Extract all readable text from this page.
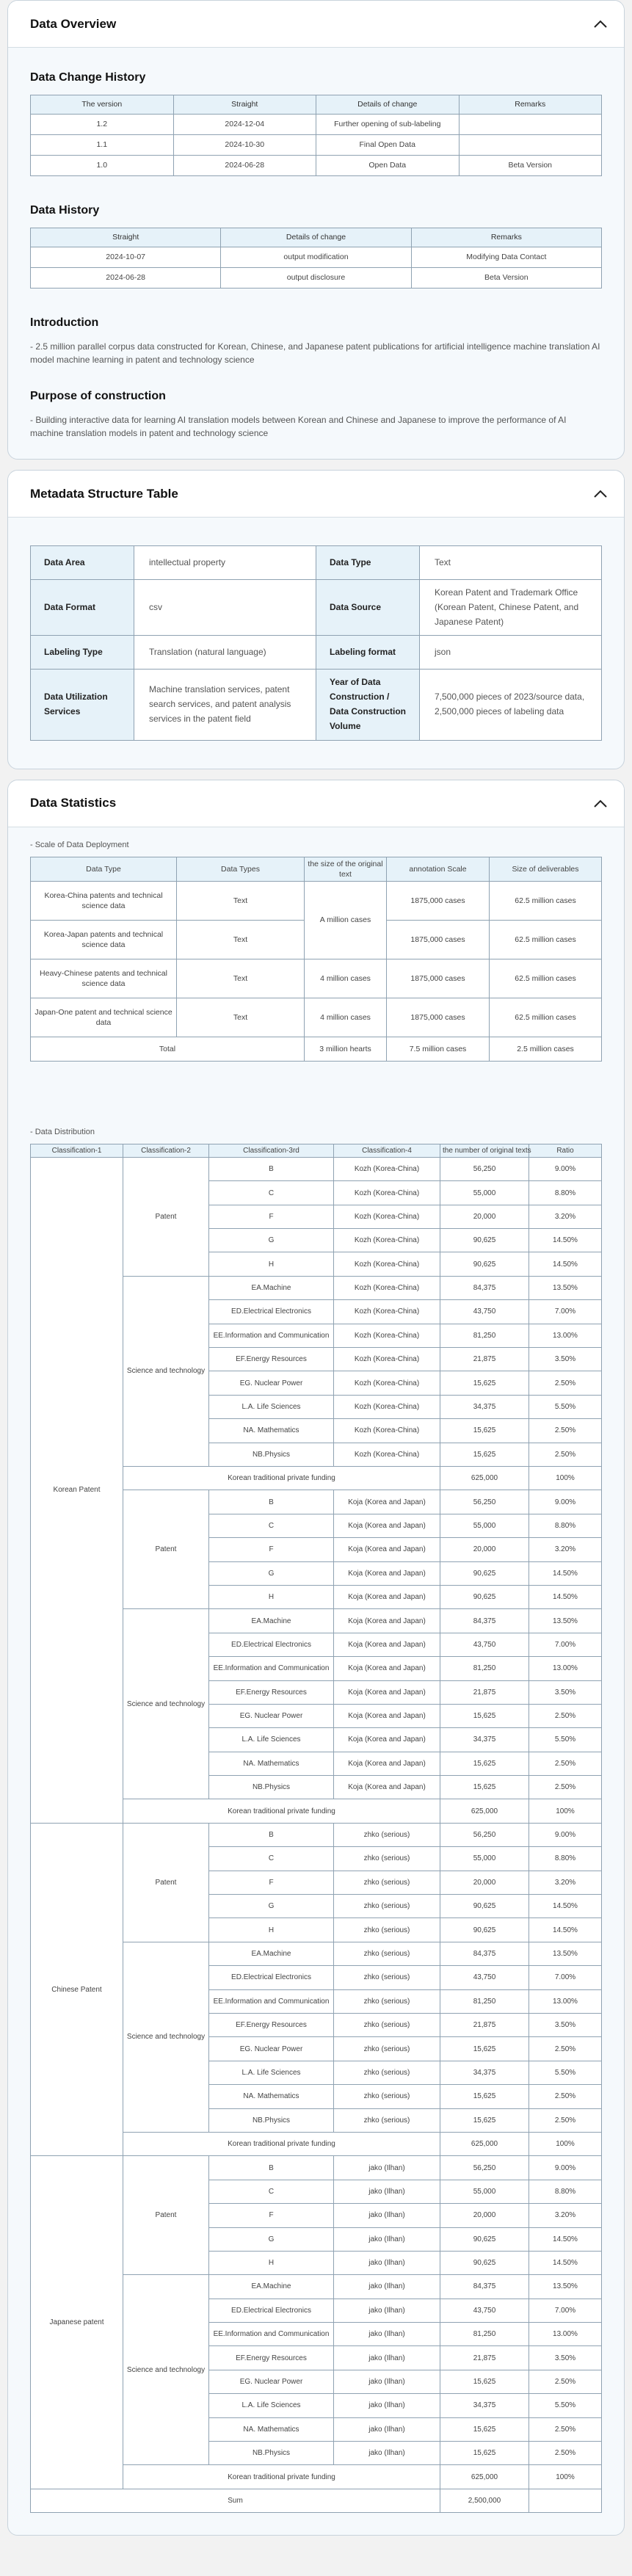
Data Overview
Data Change History
The version	Straight	Details of change	Remarks
1.2	2024-12-04	Further opening of sub-labeling	
1.1	2024-10-30	Final Open Data	
1.0	2024-06-28	Open Data	Beta Version
Data History
Straight	Details of change	Remarks
2024-10-07	output modification	Modifying Data Contact
2024-06-28	output disclosure	Beta Version
Introduction

- 2.5 million parallel corpus data constructed for Korean, Chinese, and Japanese patent publications for artificial intelligence machine translation AI model machine learning in patent and technology science

Purpose of construction

- Building interactive data for learning AI translation models between Korean and Chinese and Japanese to improve the performance of AI machine translation models in patent and technology science

Metadata Structure Table
Data Area	intellectual property	Data Type	Text
Data Format	csv	Data Source	Korean Patent and Trademark Office (Korean Patent, Chinese Patent, and Japanese Patent)
Labeling Type	Translation (natural language)	Labeling format	json
Data Utilization Services	Machine translation services, patent search services, and patent analysis services in the patent field	Year of Data Construction / Data Construction Volume	7,500,000 pieces of 2023/source data, 2,500,000 pieces of labeling data
Data Statistics
- Scale of Data Deployment
Data Type	Data Types	the size of the original text	annotation Scale	Size of deliverables
Korea-China patents and technical science data	Text	A million cases	1875,000 cases	62.5 million cases
Korea-Japan patents and technical science data	Text		1875,000 cases	62.5 million cases
Heavy-Chinese patents and technical science data	Text	4 million cases	1875,000 cases	62.5 million cases
Japan-One patent and technical science data	Text	4 million cases	1875,000 cases	62.5 million cases
Total		3 million hearts	7.5 million cases	2.5 million cases
- Data Distribution
Classification-1	Classification-2	Classification-3rd	Classification-4	the number of original texts	Ratio
Korean Patent	Patent	B	Kozh (Korea-China)	56,250	9.00%
		C	Kozh (Korea-China)	55,000	8.80%
		F	Kozh (Korea-China)	20,000	3.20%
		G	Kozh (Korea-China)	90,625	14.50%
		H	Kozh (Korea-China)	90,625	14.50%
	Science and technology	EA.Machine	Kozh (Korea-China)	84,375	13.50%
		ED.Electrical Electronics	Kozh (Korea-China)	43,750	7.00%
		EE.Information and Communication	Kozh (Korea-China)	81,250	13.00%
		EF.Energy Resources	Kozh (Korea-China)	21,875	3.50%
		EG. Nuclear Power	Kozh (Korea-China)	15,625	2.50%
		L.A. Life Sciences	Kozh (Korea-China)	34,375	5.50%
		NA. Mathematics	Kozh (Korea-China)	15,625	2.50%
		NB.Physics	Kozh (Korea-China)	15,625	2.50%
	Korean traditional private funding			625,000	100%
	Patent	B	Koja (Korea and Japan)	56,250	9.00%
		C	Koja (Korea and Japan)	55,000	8.80%
		F	Koja (Korea and Japan)	20,000	3.20%
		G	Koja (Korea and Japan)	90,625	14.50%
		H	Koja (Korea and Japan)	90,625	14.50%
	Science and technology	EA.Machine	Koja (Korea and Japan)	84,375	13.50%
		ED.Electrical Electronics	Koja (Korea and Japan)	43,750	7.00%
		EE.Information and Communication	Koja (Korea and Japan)	81,250	13.00%
		EF.Energy Resources	Koja (Korea and Japan)	21,875	3.50%
		EG. Nuclear Power	Koja (Korea and Japan)	15,625	2.50%
		L.A. Life Sciences	Koja (Korea and Japan)	34,375	5.50%
		NA. Mathematics	Koja (Korea and Japan)	15,625	2.50%
		NB.Physics	Koja (Korea and Japan)	15,625	2.50%
	Korean traditional private funding			625,000	100%
Chinese Patent	Patent	B	zhko (serious)	56,250	9.00%
		C	zhko (serious)	55,000	8.80%
		F	zhko (serious)	20,000	3.20%
		G	zhko (serious)	90,625	14.50%
		H	zhko (serious)	90,625	14.50%
	Science and technology	EA.Machine	zhko (serious)	84,375	13.50%
		ED.Electrical Electronics	zhko (serious)	43,750	7.00%
		EE.Information and Communication	zhko (serious)	81,250	13.00%
		EF.Energy Resources	zhko (serious)	21,875	3.50%
		EG. Nuclear Power	zhko (serious)	15,625	2.50%
		L.A. Life Sciences	zhko (serious)	34,375	5.50%
		NA. Mathematics	zhko (serious)	15,625	2.50%
		NB.Physics	zhko (serious)	15,625	2.50%
	Korean traditional private funding			625,000	100%
Japanese patent	Patent	B	jako (Ilhan)	56,250	9.00%
		C	jako (Ilhan)	55,000	8.80%
		F	jako (Ilhan)	20,000	3.20%
		G	jako (Ilhan)	90,625	14.50%
		H	jako (Ilhan)	90,625	14.50%
	Science and technology	EA.Machine	jako (Ilhan)	84,375	13.50%
		ED.Electrical Electronics	jako (Ilhan)	43,750	7.00%
		EE.Information and Communication	jako (Ilhan)	81,250	13.00%
		EF.Energy Resources	jako (Ilhan)	21,875	3.50%
		EG. Nuclear Power	jako (Ilhan)	15,625	2.50%
		L.A. Life Sciences	jako (Ilhan)	34,375	5.50%
		NA. Mathematics	jako (Ilhan)	15,625	2.50%
		NB.Physics	jako (Ilhan)	15,625	2.50%
	Korean traditional private funding			625,000	100%
Sum				2,500,000	
